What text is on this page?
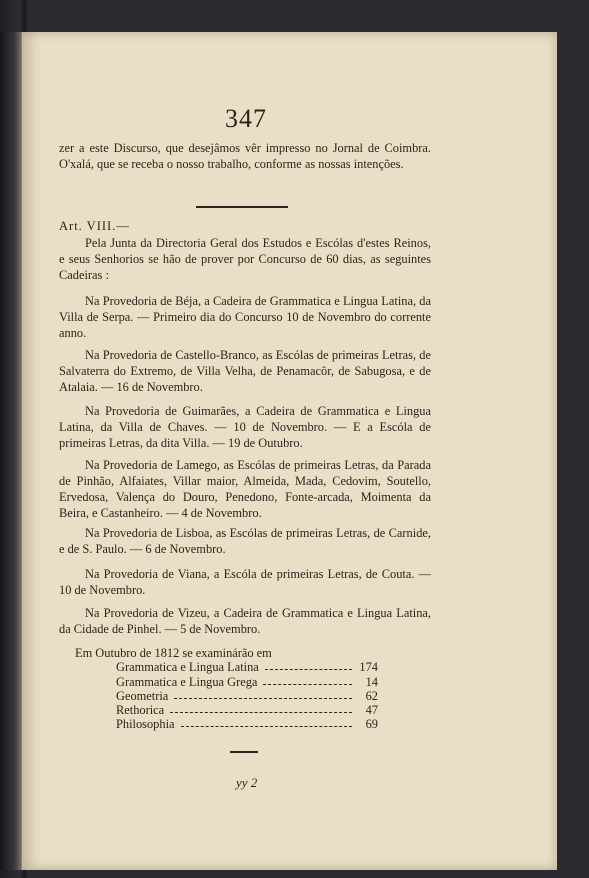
347
zer a este Discurso, que desejâmos vêr impresso no Jornal de Coimbra. O'xalá, que se receba o nosso trabalho, conforme as nossas intenções.
Art. VIII.—
Pela Junta da Directoria Geral dos Estudos e Escólas d'estes Reinos, e seus Senhorios se hão de prover por Concurso de 60 dias, as seguintes Cadeiras :
Na Provedoria de Béja, a Cadeira de Grammatica e Lingua Latina, da Villa de Serpa. — Primeiro dia do Concurso 10 de Novembro do corrente anno.
Na Provedoria de Castello-Branco, as Escólas de primeiras Letras, de Salvaterra do Extremo, de Villa Velha, de Penamacôr, de Sabugosa, e de Atalaia. — 16 de Novembro.
Na Provedoria de Guimarães, a Cadeira de Grammatica e Lingua Latina, da Villa de Chaves. — 10 de Novembro. — E a Escóla de primeiras Letras, da dita Villa. — 19 de Outubro.
Na Provedoria de Lamego, as Escólas de primeiras Letras, da Parada de Pinhão, Alfaiates, Villar maior, Almeida, Mada, Cedovim, Soutello, Ervedosa, Valença do Douro, Penedono, Fonte-arcada, Moimenta da Beira, e Castanheiro. — 4 de Novembro.
Na Provedoria de Lisboa, as Escólas de primeiras Letras, de Carnide, e de S. Paulo. — 6 de Novembro.
Na Provedoria de Viana, a Escóla de primeiras Letras, de Couta. — 10 de Novembro.
Na Provedoria de Vizeu, a Cadeira de Grammatica e Lingua Latina, da Cidade de Pinhel. — 5 de Novembro.
Em Outubro de 1812 se examinárão em
Grammatica e Lingua Latina	174
Grammatica e Lingua Grega	14
Geometria	62
Rethorica	47
Philosophia	69
yy 2
